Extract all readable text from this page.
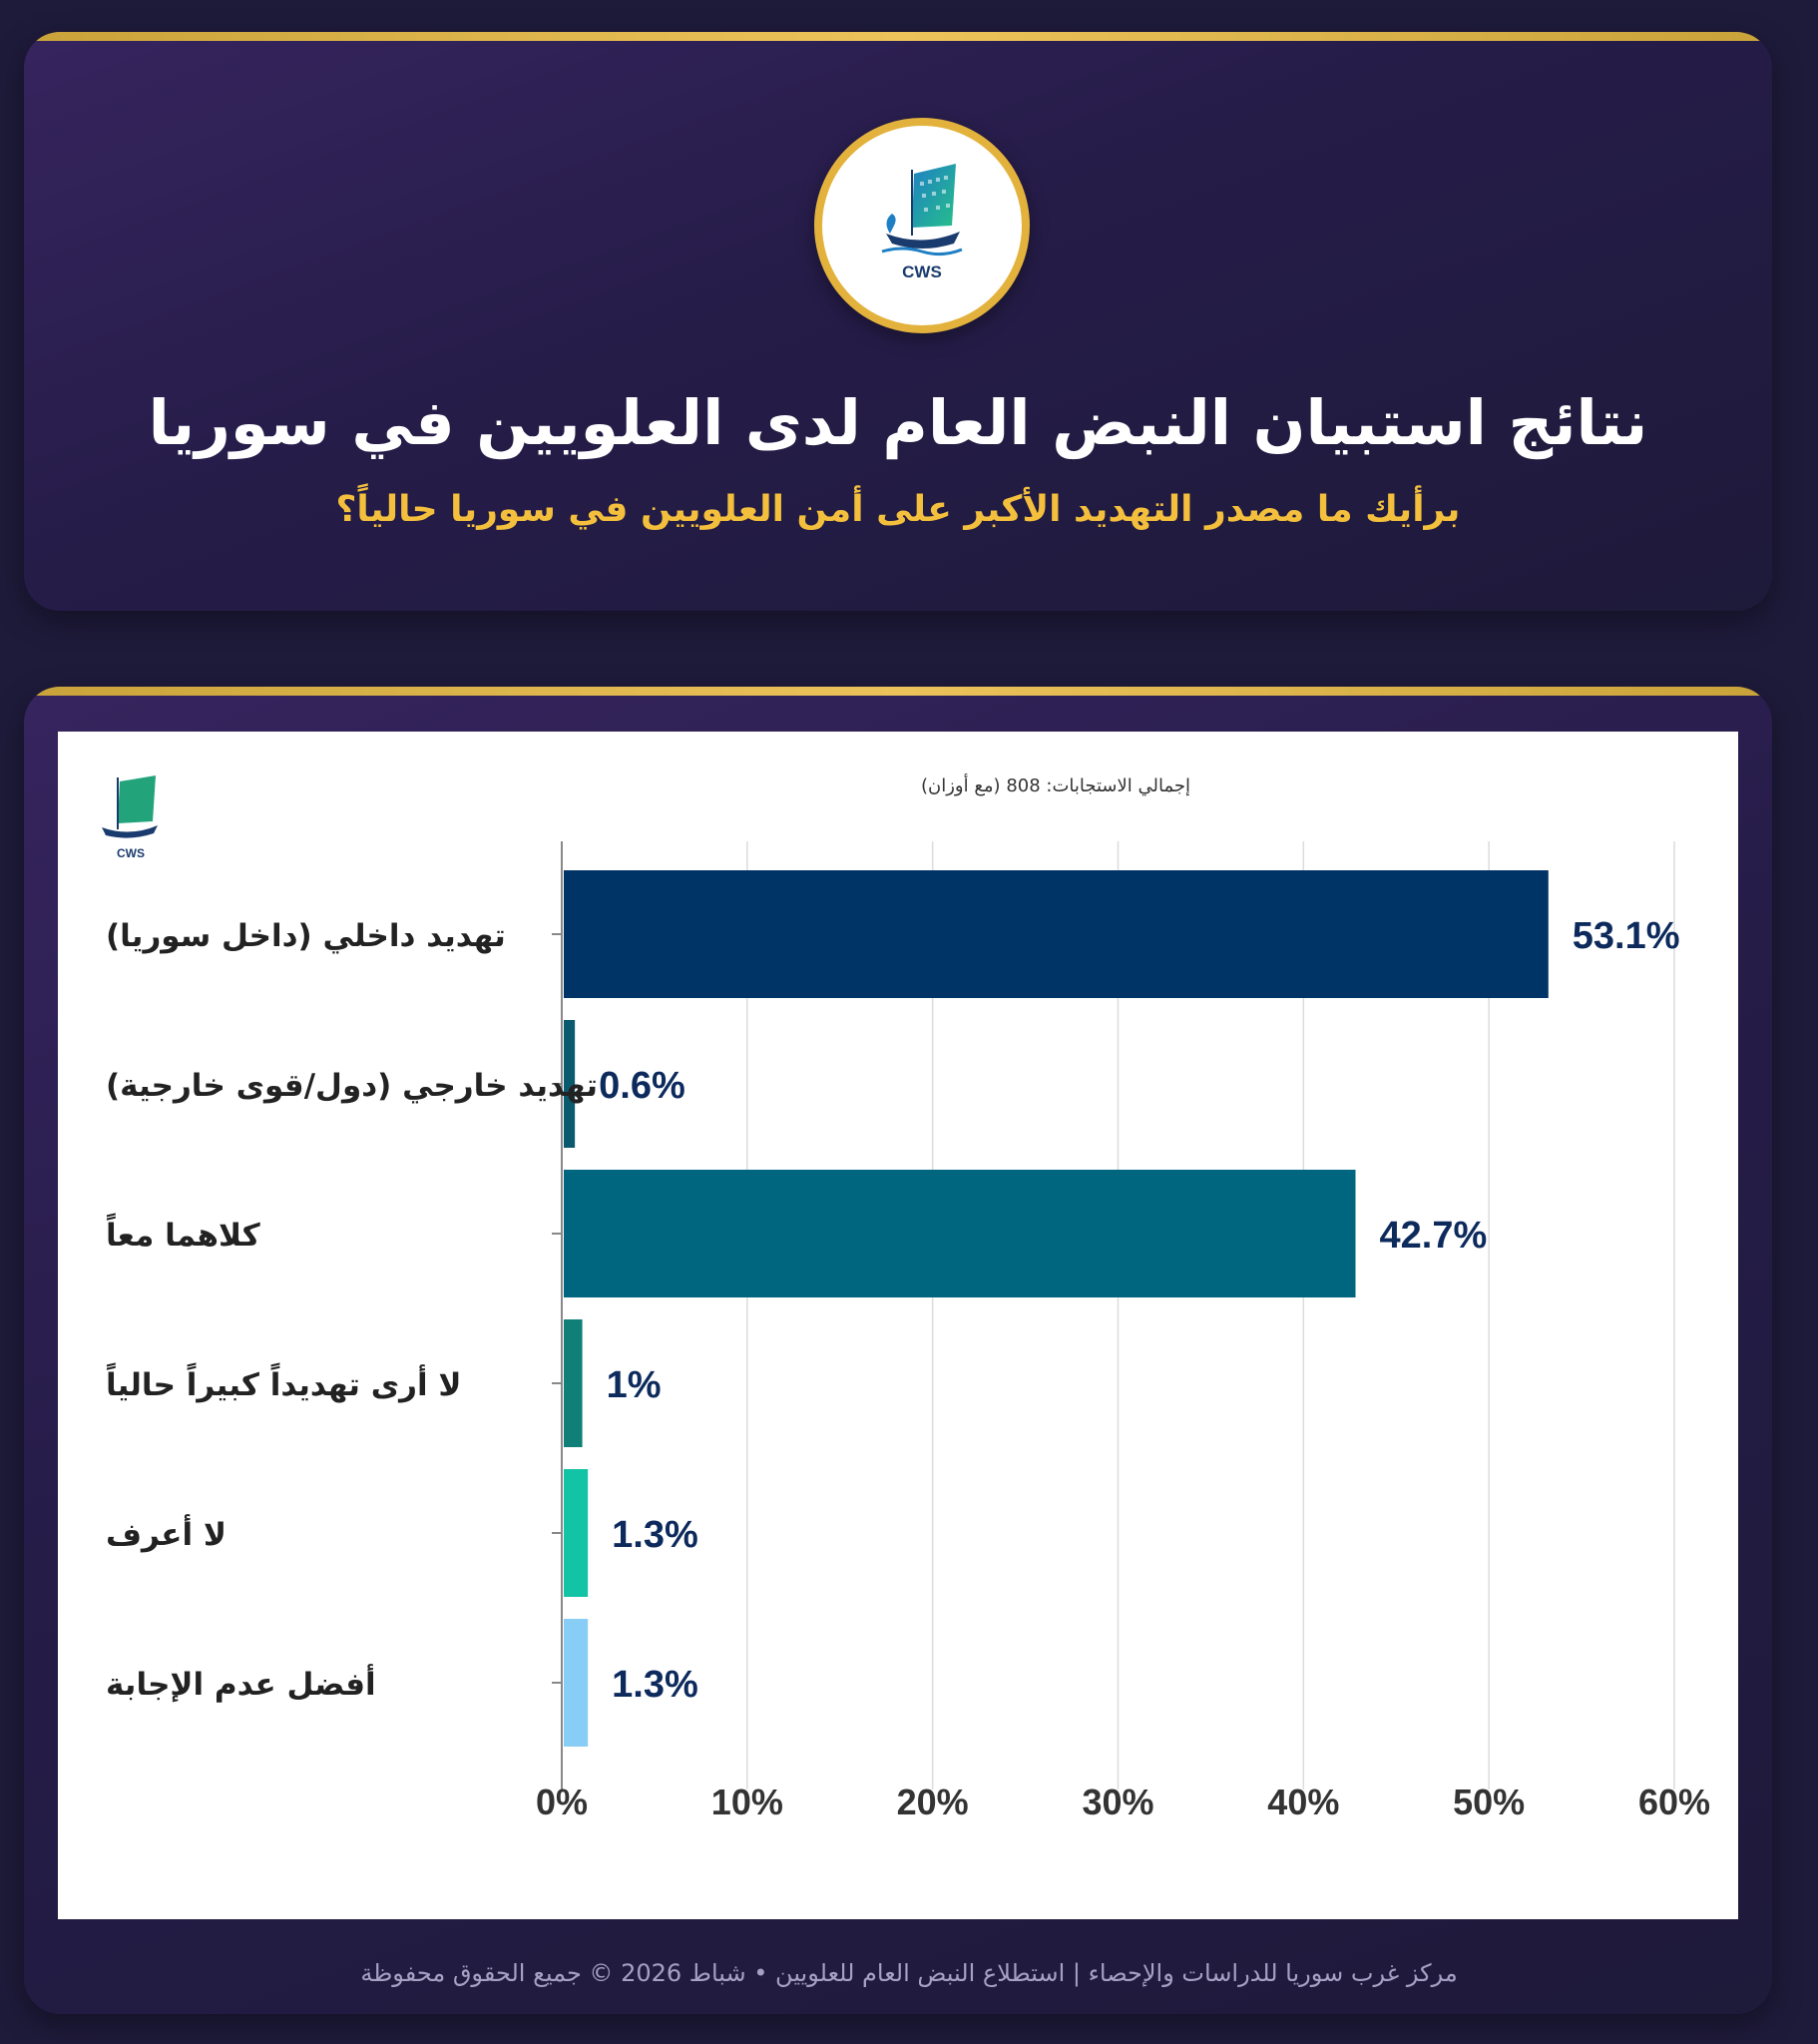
CWS
نتائج استبيان النبض العام لدى العلويين في سوريا
برأيك ما مصدر التهديد الأكبر على أمن العلويين في سوريا حالياً؟
CWS
إجمالي الاستجابات: 808 (مع أوزان)
0%	10%	20%	30%	40%	50%	60%
تهديد داخلي (داخل سوريا)	53.1%
تهديد خارجي (دول/قوى خارجية) 0.6%
كلاهما معاً	42.7%
لا أرى تهديداً كبيراً حالياً	1%
لا أعرف	1.3%
أفضل عدم الإجابة	1.3%
مركز غرب سوريا للدراسات والإحصاء | استطلاع النبض العام للعلويين • شباط 2026 © جميع الحقوق محفوظة
